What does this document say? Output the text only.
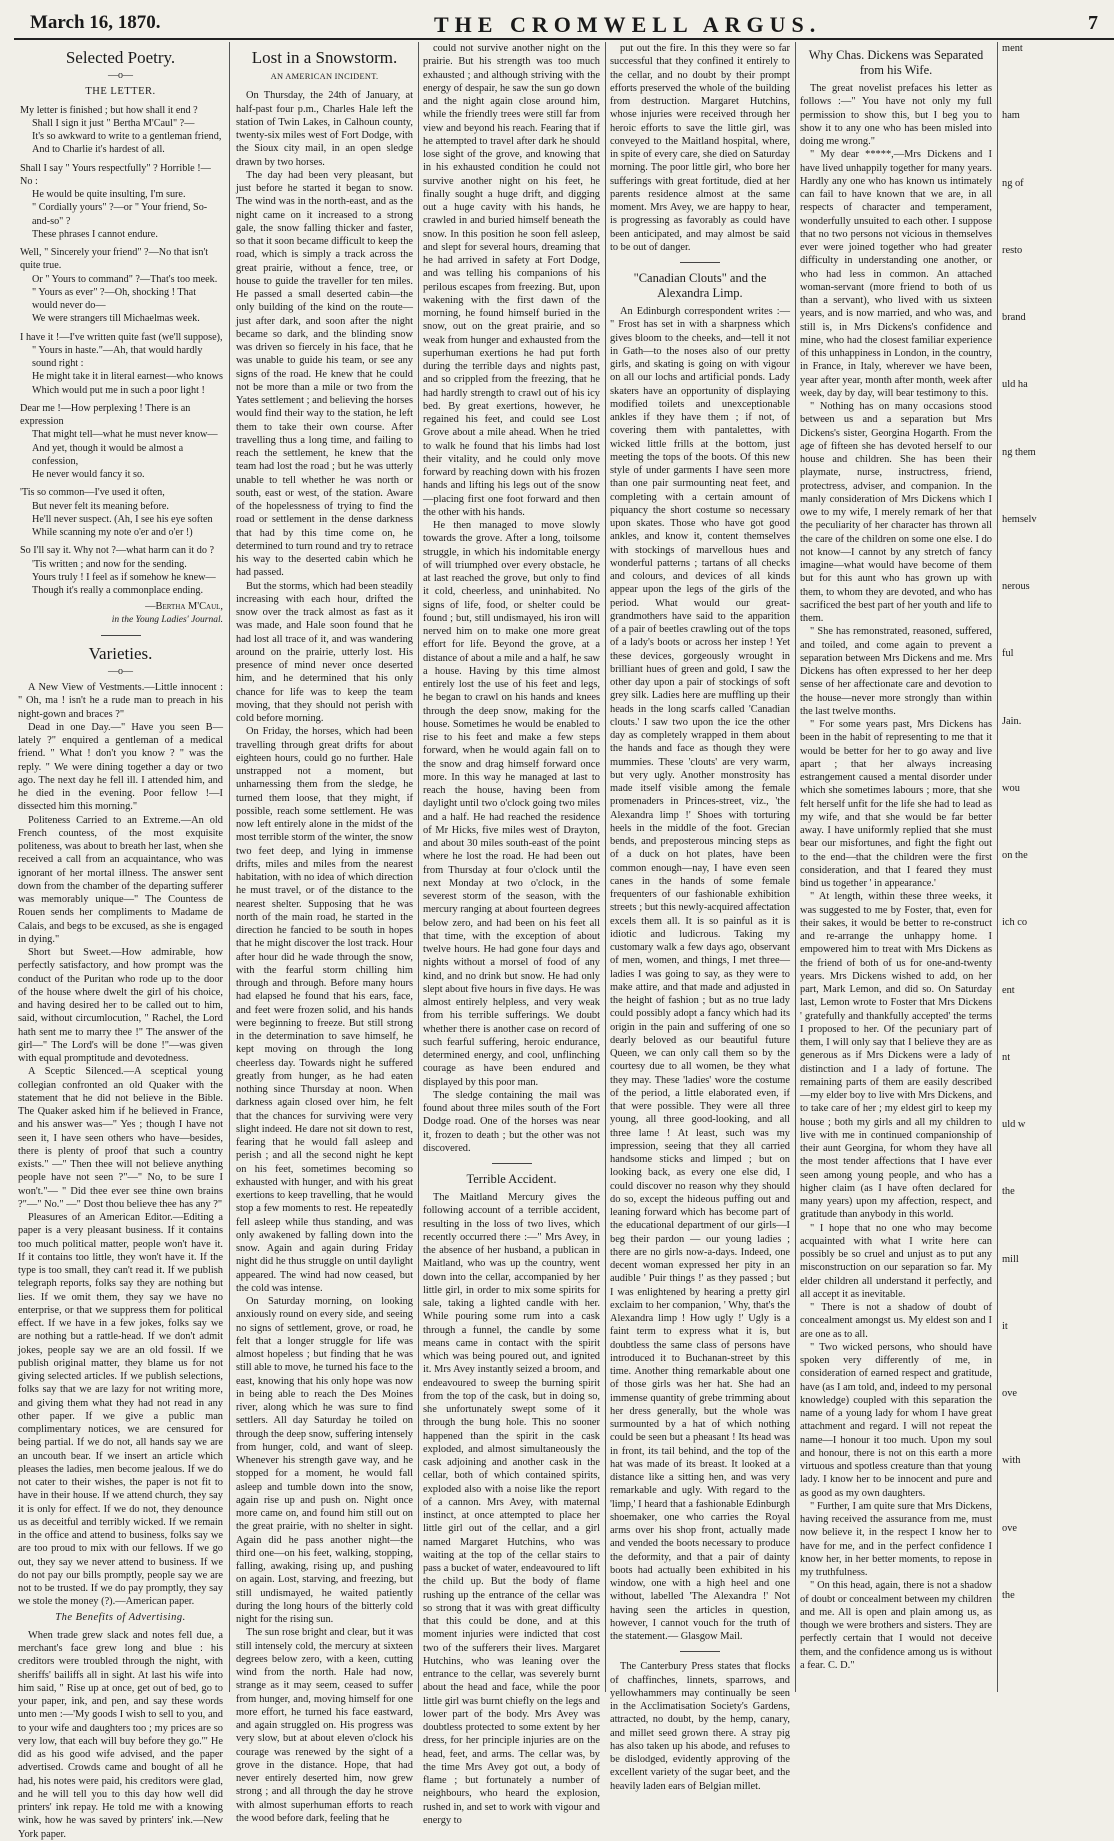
March 16, 1870.	THE CROMWELL ARGUS.	7
Selected Poetry.
—o—
THE LETTER.

My letter is finished ; but how shall it end ?

Shall I sign it just " Bertha M'Caul" ?—

It's so awkward to write to a gentleman friend,

And to Charlie it's hardest of all.

Shall I say " Yours respectfully" ? Horrible !—No :

He would be quite insulting, I'm sure.

" Cordially yours" ?—or " Your friend, So-and-so" ?

These phrases I cannot endure.

Well, " Sincerely your friend" ?—No that isn't quite true.

Or " Yours to command" ?—That's too meek.

" Yours as ever" ?—Oh, shocking ! That would never do—

We were strangers till Michaelmas week.

I have it !—I've written quite fast (we'll suppose),

" Yours in haste."—Ah, that would hardly sound right :

He might take it in literal earnest—who knows

Which would put me in such a poor light !

Dear me !—How perplexing ! There is an expression

That might tell—what he must never know—

And yet, though it would be almost a confession,

He never would fancy it so.

'Tis so common—I've used it often,

But never felt its meaning before.

He'll never suspect. (Ah, I see his eye soften

While scanning my note o'er and o'er !)

So I'll say it. Why not ?—what harm can it do ?

'Tis written ; and now for the sending.

Yours truly ! I feel as if somehow he knew—

Though it's really a commonplace ending.

—Bertha M'Caul,
in the Young Ladies' Journal.
Varieties.
—o—

A New View of Vestments.—Little innocent : " Oh, ma ! isn't he a rude man to preach in his night-gown and braces ?"

Dead in one Day.—" Have you seen B— lately ?" enquired a gentleman of a medical friend. " What ! don't you know ? " was the reply. " We were dining together a day or two ago. The next day he fell ill. I attended him, and he died in the evening. Poor fellow !—I dissected him this morning."

Politeness Carried to an Extreme.—An old French countess, of the most exquisite politeness, was about to breath her last, when she received a call from an acquaintance, who was ignorant of her mortal illness. The answer sent down from the chamber of the departing sufferer was memorably unique—" The Countess de Rouen sends her compliments to Madame de Calais, and begs to be excused, as she is engaged in dying."

Short but Sweet.—How admirable, how perfectly satisfactory, and how prompt was the conduct of the Puritan who rode up to the door of the house where dwelt the girl of his choice, and having desired her to be called out to him, said, without circumlocution, " Rachel, the Lord hath sent me to marry thee !" The answer of the girl—" The Lord's will be done !"—was given with equal promptitude and devotedness.

A Sceptic Silenced.—A sceptical young collegian confronted an old Quaker with the statement that he did not believe in the Bible. The Quaker asked him if he believed in France, and his answer was—" Yes ; though I have not seen it, I have seen others who have—besides, there is plenty of proof that such a country exists." —" Then thee will not believe anything people have not seen ?"—" No, to be sure I won't."— " Did thee ever see thine own brains ?"—" No." —" Dost thou believe thee has any ?"

Pleasures of an American Editor.—Editing a paper is a very pleasant business. If it contains too much political matter, people won't have it. If it contains too little, they won't have it. If the type is too small, they can't read it. If we publish telegraph reports, folks say they are nothing but lies. If we omit them, they say we have no enterprise, or that we suppress them for political effect. If we have in a few jokes, folks say we are nothing but a rattle-head. If we don't admit jokes, people say we are an old fossil. If we publish original matter, they blame us for not giving selected articles. If we publish selections, folks say that we are lazy for not writing more, and giving them what they had not read in any other paper. If we give a public man complimentary notices, we are censured for being partial. If we do not, all hands say we are an uncouth bear. If we insert an article which pleases the ladies, men become jealous. If we do not cater to their wishes, the paper is not fit to have in their house. If we attend church, they say it is only for effect. If we do not, they denounce us as deceitful and terribly wicked. If we remain in the office and attend to business, folks say we are too proud to mix with our fellows. If we go out, they say we never attend to business. If we do not pay our bills promptly, people say we are not to be trusted. If we do pay promptly, they say we stole the money (?).—American paper.

The Benefits of Advertising.

When trade grew slack and notes fell due, a merchant's face grew long and blue : his creditors were troubled through the night, with sheriffs' bailiffs all in sight. At last his wife into him said, " Rise up at once, get out of bed, go to your paper, ink, and pen, and say these words unto men :—'My goods I wish to sell to you, and to your wife and daughters too ; my prices are so very low, that each will buy before they go.'" He did as his good wife advised, and the paper advertised. Crowds came and bought of all he had, his notes were paid, his creditors were glad, and he will tell you to this day how well did printers' ink repay. He told me with a knowing wink, how he was saved by printers' ink.—New York paper.

Lost in a Snowstorm.
AN AMERICAN INCIDENT.

On Thursday, the 24th of January, at half-past four p.m., Charles Hale left the station of Twin Lakes, in Calhoun county, twenty-six miles west of Fort Dodge, with the Sioux city mail, in an open sledge drawn by two horses.

The day had been very pleasant, but just before he started it began to snow. The wind was in the north-east, and as the night came on it increased to a strong gale, the snow falling thicker and faster, so that it soon became difficult to keep the road, which is simply a track across the great prairie, without a fence, tree, or house to guide the traveller for ten miles. He passed a small deserted cabin—the only building of the kind on the route—just after dark, and soon after the night became so dark, and the blinding snow was driven so fiercely in his face, that he was unable to guide his team, or see any signs of the road. He knew that he could not be more than a mile or two from the Yates settlement ; and believing the horses would find their way to the station, he left them to take their own course. After travelling thus a long time, and failing to reach the settlement, he knew that the team had lost the road ; but he was utterly unable to tell whether he was north or south, east or west, of the station. Aware of the hopelessness of trying to find the road or settlement in the dense darkness that had by this time come on, he determined to turn round and try to retrace his way to the deserted cabin which he had passed.

But the storms, which had been steadily increasing with each hour, drifted the snow over the track almost as fast as it was made, and Hale soon found that he had lost all trace of it, and was wandering around on the prairie, utterly lost. His presence of mind never once deserted him, and he determined that his only chance for life was to keep the team moving, that they should not perish with cold before morning.

On Friday, the horses, which had been travelling through great drifts for about eighteen hours, could go no further. Hale unstrapped not a moment, but unharnessing them from the sledge, he turned them loose, that they might, if possible, reach some settlement. He was now left entirely alone in the midst of the most terrible storm of the winter, the snow two feet deep, and lying in immense drifts, miles and miles from the nearest habitation, with no idea of which direction he must travel, or of the distance to the nearest shelter. Supposing that he was north of the main road, he started in the direction he fancied to be south in hopes that he might discover the lost track. Hour after hour did he wade through the snow, with the fearful storm chilling him through and through. Before many hours had elapsed he found that his ears, face, and feet were frozen solid, and his hands were beginning to freeze. But still strong in the determination to save himself, he kept moving on through the long cheerless day. Towards night he suffered greatly from hunger, as he had eaten nothing since Thursday at noon. When darkness again closed over him, he felt that the chances for surviving were very slight indeed. He dare not sit down to rest, fearing that he would fall asleep and perish ; and all the second night he kept on his feet, sometimes becoming so exhausted with hunger, and with his great exertions to keep travelling, that he would stop a few moments to rest. He repeatedly fell asleep while thus standing, and was only awakened by falling down into the snow. Again and again during Friday night did he thus struggle on until daylight appeared. The wind had now ceased, but the cold was intense.

On Saturday morning, on looking anxiously round on every side, and seeing no signs of settlement, grove, or road, he felt that a longer struggle for life was almost hopeless ; but finding that he was still able to move, he turned his face to the east, knowing that his only hope was now in being able to reach the Des Moines river, along which he was sure to find settlers. All day Saturday he toiled on through the deep snow, suffering intensely from hunger, cold, and want of sleep. Whenever his strength gave way, and he stopped for a moment, he would fall asleep and tumble down into the snow, again rise up and push on. Night once more came on, and found him still out on the great prairie, with no shelter in sight. Again did he pass another night—the third one—on his feet, walking, stopping, falling, awaking, rising up, and pushing on again. Lost, starving, and freezing, but still undismayed, he waited patiently during the long hours of the bitterly cold night for the rising sun.

The sun rose bright and clear, but it was still intensely cold, the mercury at sixteen degrees below zero, with a keen, cutting wind from the north. Hale had now, strange as it may seem, ceased to suffer from hunger, and, moving himself for one more effort, he turned his face eastward, and again struggled on. His progress was very slow, but at about eleven o'clock his courage was renewed by the sight of a grove in the distance. Hope, that had never entirely deserted him, now grew strong ; and all through the day he strove with almost superhuman efforts to reach the wood before dark, feeling that he

could not survive another night on the prairie. But his strength was too much exhausted ; and although striving with the energy of despair, he saw the sun go down and the night again close around him, while the friendly trees were still far from view and beyond his reach. Fearing that if he attempted to travel after dark he should lose sight of the grove, and knowing that in his exhausted condition he could not survive another night on his feet, he finally sought a huge drift, and digging out a huge cavity with his hands, he crawled in and buried himself beneath the snow. In this position he soon fell asleep, and slept for several hours, dreaming that he had arrived in safety at Fort Dodge, and was telling his companions of his perilous escapes from freezing. But, upon wakening with the first dawn of the morning, he found himself buried in the snow, out on the great prairie, and so weak from hunger and exhausted from the superhuman exertions he had put forth during the terrible days and nights past, and so crippled from the freezing, that he had hardly strength to crawl out of his icy bed. By great exertions, however, he regained his feet, and could see Lost Grove about a mile ahead. When he tried to walk he found that his limbs had lost their vitality, and he could only move forward by reaching down with his frozen hands and lifting his legs out of the snow—placing first one foot forward and then the other with his hands.

He then managed to move slowly towards the grove. After a long, toilsome struggle, in which his indomitable energy of will triumphed over every obstacle, he at last reached the grove, but only to find it cold, cheerless, and uninhabited. No signs of life, food, or shelter could be found ; but, still undismayed, his iron will nerved him on to make one more great effort for life. Beyond the grove, at a distance of about a mile and a half, he saw a house. Having by this time almost entirely lost the use of his feet and legs, he began to crawl on his hands and knees through the deep snow, making for the house. Sometimes he would be enabled to rise to his feet and make a few steps forward, when he would again fall on to the snow and drag himself forward once more. In this way he managed at last to reach the house, having been from daylight until two o'clock going two miles and a half. He had reached the residence of Mr Hicks, five miles west of Drayton, and about 30 miles south-east of the point where he lost the road. He had been out from Thursday at four o'clock until the next Monday at two o'clock, in the severest storm of the season, with the mercury ranging at about fourteen degrees below zero, and had been on his feet all that time, with the exception of about twelve hours. He had gone four days and nights without a morsel of food of any kind, and no drink but snow. He had only slept about five hours in five days. He was almost entirely helpless, and very weak from his terrible sufferings. We doubt whether there is another case on record of such fearful suffering, heroic endurance, determined energy, and cool, unflinching courage as have been endured and displayed by this poor man.

The sledge containing the mail was found about three miles south of the Fort Dodge road. One of the horses was near it, frozen to death ; but the other was not discovered.

Terrible Accident.

The Maitland Mercury gives the following account of a terrible accident, resulting in the loss of two lives, which recently occurred there :—" Mrs Avey, in the absence of her husband, a publican in Maitland, who was up the country, went down into the cellar, accompanied by her little girl, in order to mix some spirits for sale, taking a lighted candle with her. While pouring some rum into a cask through a funnel, the candle by some means came in contact with the spirit which was being poured out, and ignited it. Mrs Avey instantly seized a broom, and endeavoured to sweep the burning spirit from the top of the cask, but in doing so, she unfortunately swept some of it through the bung hole. This no sooner happened than the spirit in the cask exploded, and almost simultaneously the cask adjoining and another cask in the cellar, both of which contained spirits, exploded also with a noise like the report of a cannon. Mrs Avey, with maternal instinct, at once attempted to place her little girl out of the cellar, and a girl named Margaret Hutchins, who was waiting at the top of the cellar stairs to pass a bucket of water, endeavoured to lift the child up. But the body of flame rushing up the entrance of the cellar was so strong that it was with great difficulty that this could be done, and at this moment injuries were indicted that cost two of the sufferers their lives. Margaret Hutchins, who was leaning over the entrance to the cellar, was severely burnt about the head and face, while the poor little girl was burnt chiefly on the legs and lower part of the body. Mrs Avey was doubtless protected to some extent by her dress, for her principle injuries are on the head, feet, and arms. The cellar was, by the time Mrs Avey got out, a body of flame ; but fortunately a number of neighbours, who heard the explosion, rushed in, and set to work with vigour and energy to

put out the fire. In this they were so far successful that they confined it entirely to the cellar, and no doubt by their prompt efforts preserved the whole of the building from destruction. Margaret Hutchins, whose injuries were received through her heroic efforts to save the little girl, was conveyed to the Maitland hospital, where, in spite of every care, she died on Saturday morning. The poor little girl, who bore her sufferings with great fortitude, died at her parents residence almost at the same moment. Mrs Avey, we are happy to hear, is progressing as favorably as could have been anticipated, and may almost be said to be out of danger.

"Canadian Clouts" and the Alexandra Limp.

An Edinburgh correspondent writes :— " Frost has set in with a sharpness which gives bloom to the cheeks, and—tell it not in Gath—to the noses also of our pretty girls, and skating is going on with vigour on all our lochs and artificial ponds. Lady skaters have an opportunity of displaying modified toilets and unexceptionable ankles if they have them ; if not, of covering them with pantalettes, with wicked little frills at the bottom, just meeting the tops of the boots. Of this new style of under garments I have seen more than one pair surmounting neat feet, and completing with a certain amount of piquancy the short costume so necessary upon skates. Those who have got good ankles, and know it, content themselves with stockings of marvellous hues and wonderful patterns ; tartans of all checks and colours, and devices of all kinds appear upon the legs of the girls of the period. What would our great-grandmothers have said to the apparition of a pair of beetles crawling out of the tops of a lady's boots or across her instep ! Yet these devices, gorgeously wrought in brilliant hues of green and gold, I saw the other day upon a pair of stockings of soft grey silk. Ladies here are muffling up their heads in the long scarfs called 'Canadian clouts.' I saw two upon the ice the other day as completely wrapped in them about the hands and face as though they were mummies. These 'clouts' are very warm, but very ugly. Another monstrosity has made itself visible among the female promenaders in Princes-street, viz., 'the Alexandra limp !' Shoes with torturing heels in the middle of the foot. Grecian bends, and preposterous mincing steps as of a duck on hot plates, have been common enough—nay, I have even seen canes in the hands of some female frequenters of our fashionable exhibition streets ; but this newly-acquired affectation excels them all. It is so painful as it is idiotic and ludicrous. Taking my customary walk a few days ago, observant of men, women, and things, I met three—ladies I was going to say, as they were to make attire, and that made and adjusted in the height of fashion ; but as no true lady could possibly adopt a fancy which had its origin in the pain and suffering of one so dearly beloved as our beautiful future Queen, we can only call them so by the courtesy due to all women, be they what they may. These 'ladies' wore the costume of the period, a little elaborated even, if that were possible. They were all three young, all three good-looking, and all three lame ! At least, such was my impression, seeing that they all carried handsome sticks and limped ; but on looking back, as every one else did, I could discover no reason why they should do so, except the hideous puffing out and leaning forward which has become part of the educational department of our girls—I beg their pardon — our young ladies ; there are no girls now-a-days. Indeed, one decent woman expressed her pity in an audible ' Puir things !' as they passed ; but I was enlightened by hearing a pretty girl exclaim to her companion, ' Why, that's the Alexandra limp ! How ugly !' Ugly is a faint term to express what it is, but doubtless the same class of persons have introduced it to Buchanan-street by this time. Another thing remarkable about one of those girls was her hat. She had an immense quantity of grebe trimming about her dress generally, but the whole was surmounted by a hat of which nothing could be seen but a pheasant ! Its head was in front, its tail behind, and the top of the hat was made of its breast. It looked at a distance like a sitting hen, and was very remarkable and ugly. With regard to the 'limp,' I heard that a fashionable Edinburgh shoemaker, one who carries the Royal arms over his shop front, actually made and vended the boots necessary to produce the deformity, and that a pair of dainty boots had actually been exhibited in his window, one with a high heel and one without, labelled 'The Alexandra !' Not having seen the articles in question, however, I cannot vouch for the truth of the statement.— Glasgow Mail.

The Canterbury Press states that flocks of chaffinches, linnets, sparrows, and yellowhammers may continually be seen in the Acclimatisation Society's Gardens, attracted, no doubt, by the hemp, canary, and millet seed grown there. A stray pig has also taken up his abode, and refuses to be dislodged, evidently approving of the excellent variety of the sugar beet, and the heavily laden ears of Belgian millet.

Why Chas. Dickens was Separated from his Wife.

The great novelist prefaces his letter as follows :—" You have not only my full permission to show this, but I beg you to show it to any one who has been misled into doing me wrong."

" My dear *****,—Mrs Dickens and I have lived unhappily together for many years. Hardly any one who has known us intimately can fail to have known that we are, in all respects of character and temperament, wonderfully unsuited to each other. I suppose that no two persons not vicious in themselves ever were joined together who had greater difficulty in understanding one another, or who had less in common. An attached woman-servant (more friend to both of us than a servant), who lived with us sixteen years, and is now married, and who was, and still is, in Mrs Dickens's confidence and mine, who had the closest familiar experience of this unhappiness in London, in the country, in France, in Italy, wherever we have been, year after year, month after month, week after week, day by day, will bear testimony to this.

" Nothing has on many occasions stood between us and a separation but Mrs Dickens's sister, Georgina Hogarth. From the age of fifteen she has devoted herself to our house and children. She has been their playmate, nurse, instructress, friend, protectress, adviser, and companion. In the manly consideration of Mrs Dickens which I owe to my wife, I merely remark of her that the peculiarity of her character has thrown all the care of the children on some one else. I do not know—I cannot by any stretch of fancy imagine—what would have become of them but for this aunt who has grown up with them, to whom they are devoted, and who has sacrificed the best part of her youth and life to them.

" She has remonstrated, reasoned, suffered, and toiled, and come again to prevent a separation between Mrs Dickens and me. Mrs Dickens has often expressed to her her deep sense of her affectionate care and devotion to the house—never more strongly than within the last twelve months.

" For some years past, Mrs Dickens has been in the habit of representing to me that it would be better for her to go away and live apart ; that her always increasing estrangement caused a mental disorder under which she sometimes labours ; more, that she felt herself unfit for the life she had to lead as my wife, and that she would be far better away. I have uniformly replied that she must bear our misfortunes, and fight the fight out to the end—that the children were the first consideration, and that I feared they must bind us together ' in appearance.'

" At length, within these three weeks, it was suggested to me by Foster, that, even for their sakes, it would be better to re-construct and re-arrange the unhappy home. I empowered him to treat with Mrs Dickens as the friend of both of us for one-and-twenty years. Mrs Dickens wished to add, on her part, Mark Lemon, and did so. On Saturday last, Lemon wrote to Foster that Mrs Dickens ' gratefully and thankfully accepted' the terms I proposed to her. Of the pecuniary part of them, I will only say that I believe they are as generous as if Mrs Dickens were a lady of distinction and I a lady of fortune. The remaining parts of them are easily described—my elder boy to live with Mrs Dickens, and to take care of her ; my eldest girl to keep my house ; both my girls and all my children to live with me in continued companionship of their aunt Georgina, for whom they have all the most tender affections that I have ever seen among young people, and who has a higher claim (as I have often declared for many years) upon my affection, respect, and gratitude than anybody in this world.

" I hope that no one who may become acquainted with what I write here can possibly be so cruel and unjust as to put any misconstruction on our separation so far. My elder children all understand it perfectly, and all accept it as inevitable.

" There is not a shadow of doubt of concealment amongst us. My eldest son and I are one as to all.

" Two wicked persons, who should have spoken very differently of me, in consideration of earned respect and gratitude, have (as I am told, and, indeed to my personal knowledge) coupled with this separation the name of a young lady for whom I have great attachment and regard. I will not repeat the name—I honour it too much. Upon my soul and honour, there is not on this earth a more virtuous and spotless creature than that young lady. I know her to be innocent and pure and as good as my own daughters.

" Further, I am quite sure that Mrs Dickens, having received the assurance from me, must now believe it, in the respect I know her to have for me, and in the perfect confidence I know her, in her better moments, to repose in my truthfulness.

" On this head, again, there is not a shadow of doubt or concealment between my children and me. All is open and plain among us, as though we were brothers and sisters. They are perfectly certain that I would not deceive them, and the confidence among us is without a fear. C. D."

ment
ham
ng of
resto
brand
uld ha
ng them
hemselv
nerous
ful
Jain.
wou
on the
ich co
ent
nt
uld w
the
mill
it
ove
with
ove
the
